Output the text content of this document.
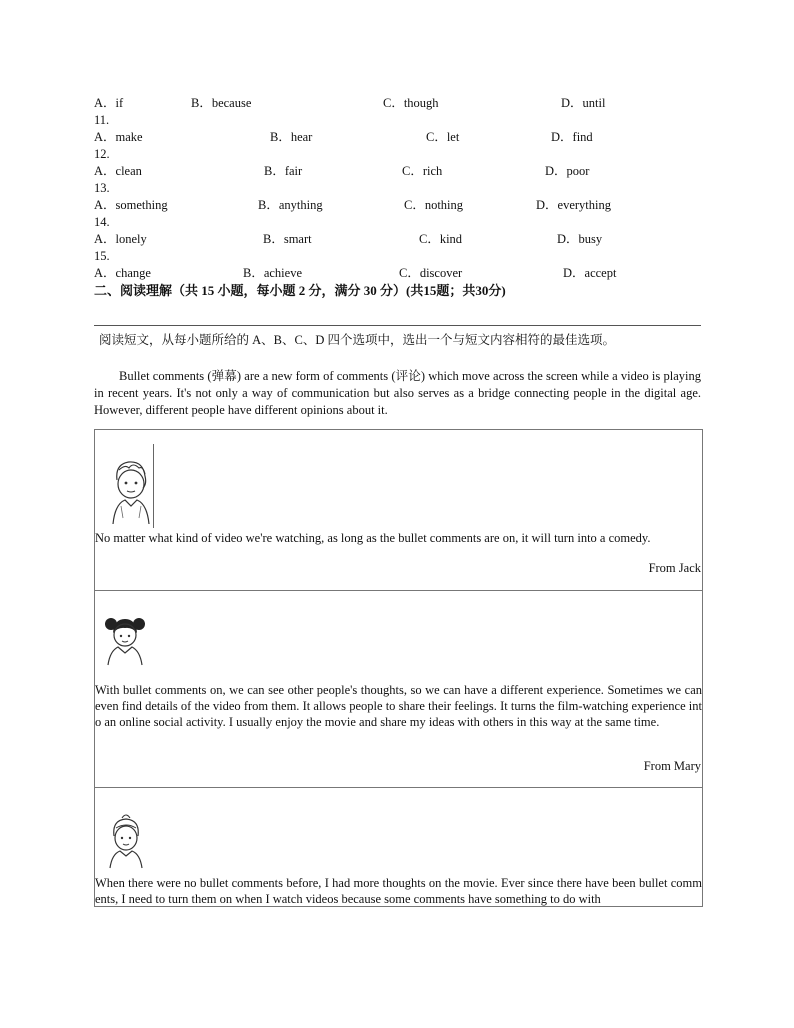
A．if	B．because	C．though	D．until
11.
A．make	B．hear	C．let	D．find
12.
A．clean	B．fair	C．rich	D．poor
13.
A．something	B．anything	C．nothing	D．everything
14.
A．lonely	B．smart	C．kind	D．busy
15.
A．change	B．achieve	C．discover	D．accept
二、阅读理解（共 15 小题，每小题 2 分，满分 30 分）(共15题；共30分)
阅读短文，从每小题所给的 A、B、C、D 四个选项中，选出一个与短文内容相符的最佳选项。

Bullet comments (弹幕) are a new form of comments (评论) which move across the screen while a video is playing in recent years. It's not only a way of communication but also serves as a bridge connecting people in the digital age. However, different people have different opinions about it.

No matter what kind of video we're watching, as long as the bullet comments are on, it will turn into a comedy.
From Jack
With bullet comments on, we can see other people's thoughts, so we can have a different experience. Sometimes we can even find details of the video from them. It allows people to share their feelings. It turns the film-watching experience into an online social activity. I usually enjoy the movie and share my ideas with others in this way at the same time.
From Mary
When there were no bullet comments before, I had more thoughts on the movie. Ever since there have been bullet comments, I need to turn them on when I watch videos because some comments have something to do with
